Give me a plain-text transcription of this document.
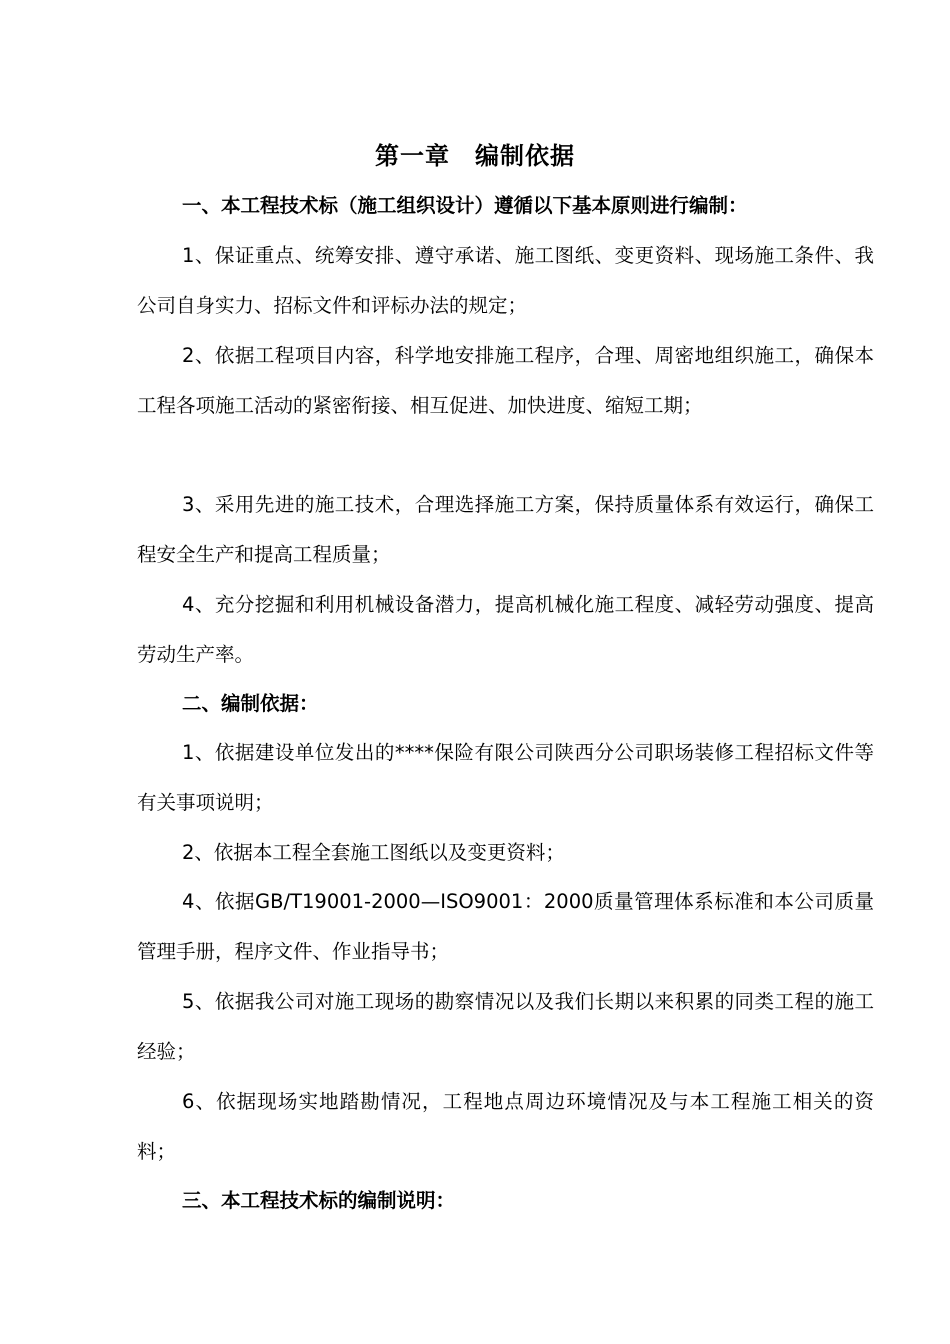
第一章　编制依据
一、本工程技术标（施工组织设计）遵循以下基本原则进行编制：
1、保证重点、统筹安排、遵守承诺、施工图纸、变更资料、现场施工条件、我公司自身实力、招标文件和评标办法的规定；
2、依据工程项目内容，科学地安排施工程序，合理、周密地组织施工，确保本工程各项施工活动的紧密衔接、相互促进、加快进度、缩短工期；
3、采用先进的施工技术，合理选择施工方案，保持质量体系有效运行，确保工程安全生产和提高工程质量；
4、充分挖掘和利用机械设备潜力，提高机械化施工程度、减轻劳动强度、提高劳动生产率。
二、编制依据：
1、依据建设单位发出的****保险有限公司陕西分公司职场装修工程招标文件等有关事项说明；
2、依据本工程全套施工图纸以及变更资料；
4、依据GB/T19001-2000—ISO9001：2000质量管理体系标准和本公司质量管理手册，程序文件、作业指导书；
5、依据我公司对施工现场的勘察情况以及我们长期以来积累的同类工程的施工经验；
6、依据现场实地踏勘情况，工程地点周边环境情况及与本工程施工相关的资料；
三、本工程技术标的编制说明：
